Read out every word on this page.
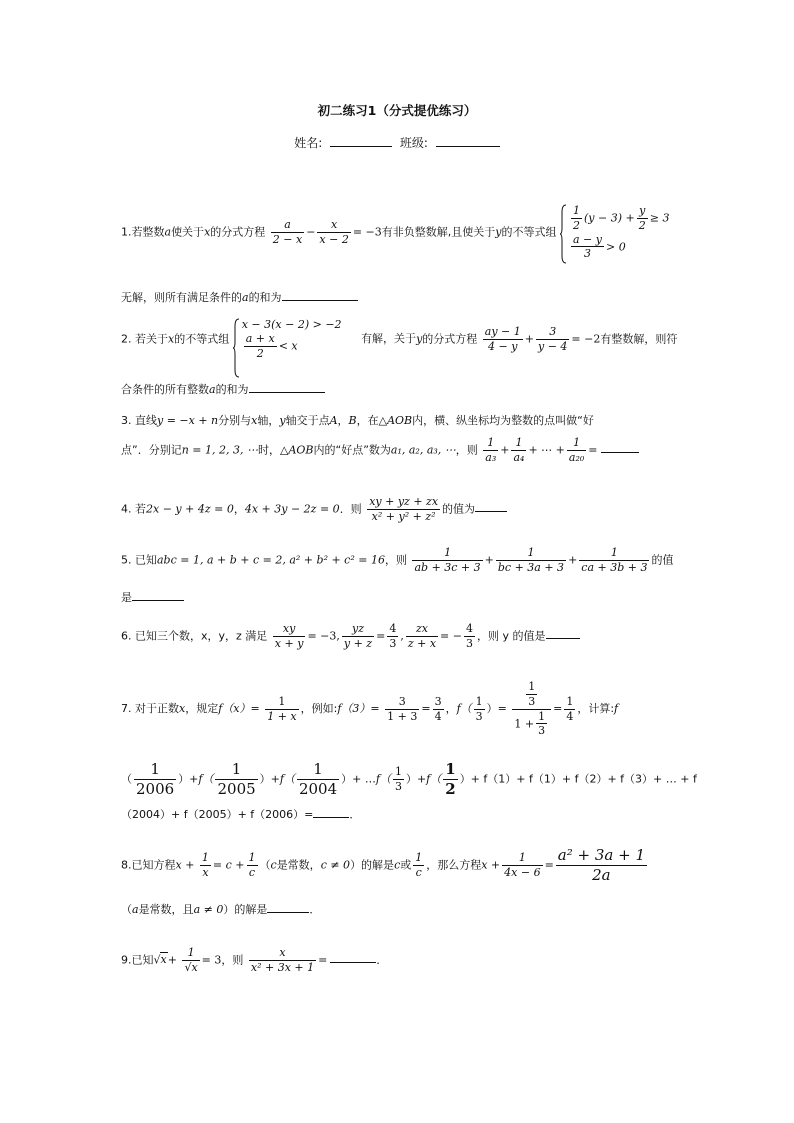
初二练习1（分式提优练习）
姓名:	班级:
1.若整数a使关于x的分式方程 $\frac{a}{2 - x} - \frac{x}{x - 2} = -3$有非负整数解,且使关于y的不等式组 $\frac{1}{2} (y - 3) + \frac{y}{2} \ge 3$
$\frac{a - y}{3} > 0$
无解，则所有满足条件的a的和为
2. 若关于x的不等式组
x − 3(x − 2) > −2
$\frac{a + x}{2} < x$
有解，关于y的分式方程 $\frac{ay - 1}{4 - y} + \frac{3}{y - 4} = -2$有整数解，则符
合条件的所有整数a的和为
3. 直线y = −x + n分别与x轴，y轴交于点A，B，在△AOB内，横、纵坐标均为整数的点叫做“好
点”．分别记n = 1, 2, 3, ⋯时，△AOB内的“好点”数为a₁, a₂, a₃, ⋯，则 $\frac{1}{\text{a₃}} + \frac{1}{\text{a₄}}$ + ⋯ + $\frac{1}{\text{a₂₀}}$ =
4. 若2x − y + 4z = 0，4x + 3y − 2z = 0．则 $\frac{xy + yz + zx}{\text{x² + y² + z²}}$ 的值为
5. 已知abc = 1, a + b + c = 2, a² + b² + c² = 16，则 $\frac{1}{ab + 3c + 3} + \frac{1}{bc + 3a + 3} + \frac{1}{ca + 3b + 3}$ 的值
是
6. 已知三个数，x，y，z 满足 $\frac{xy}{x + y} = -3$, $\frac{yz}{y + z} = \frac{4}{3}$ , $\frac{zx}{z + x}$ = − $\frac{4}{3}$ ，则 y 的值是
7. 对于正数x，规定$f(x)= \frac{1}{1 + x}$ ，例如:f（3）= $\frac{3}{1 + 3} = \frac{3}{4}$ ，$f( \frac{1}{3}$ ）= $\frac{\frac{1}{3}}{1 + \frac{1}{3}} = \frac{1}{4}$ ，计算:f
（ $\frac{1}{2006} )+f( \frac{1}{2005} )+f( \frac{1}{2004}$ ）+ …f（ $\frac{1}{3} )+f( \frac{1}{2}$ ）+ f（1）+ f（1）+ f（2）+ f（3）+ … + f
（2004）+ f（2005）+ f（2006）=	．
8.已知方程$x + \frac{1}{x} = c + \frac{1}{c} (c$是常数，c ≠ 0）的解是c或 $\frac{1}{c}$ ，那么方程$x + \frac{1}{4x - 6} = \frac{\text{a² + 3a + 1}}{2a}$
（a是常数，且a ≠ 0）的解是	．
9.已知$√x+ \frac{1}{√x} = 3$，则 $\frac{x}{\text{x² + 3x + 1}}$ =	．
